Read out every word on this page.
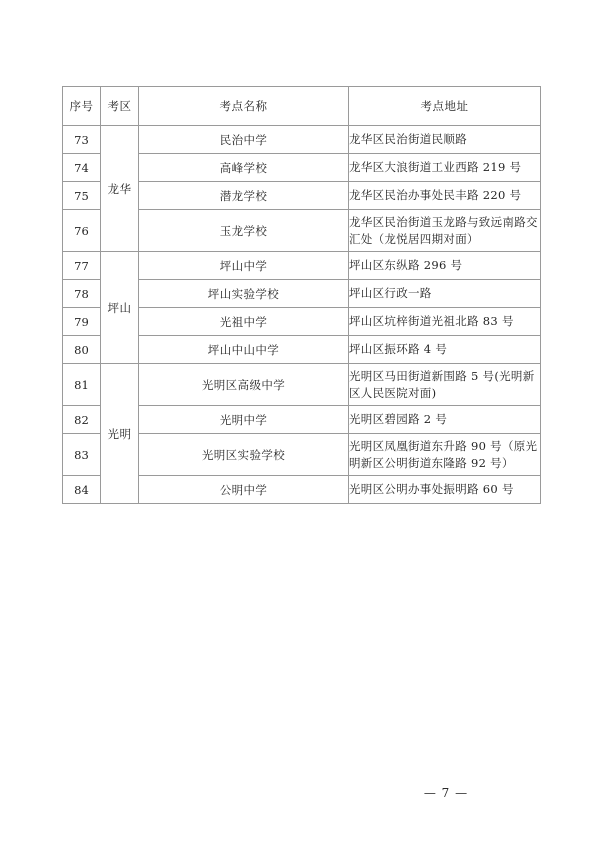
序号	考区	考点名称	考点地址
73	龙华	民治中学	龙华区民治街道民顺路
74		高峰学校	龙华区大浪街道工业西路 219 号
75		潜龙学校	龙华区民治办事处民丰路 220 号
76		玉龙学校	龙华区民治街道玉龙路与致远南路交汇处（龙悦居四期对面）
77	坪山	坪山中学	坪山区东纵路 296 号
78		坪山实验学校	坪山区行政一路
79		光祖中学	坪山区坑梓街道光祖北路 83 号
80		坪山中山中学	坪山区振环路 4 号
81	光明	光明区高级中学	光明区马田街道新围路 5 号(光明新区人民医院对面)
82		光明中学	光明区碧园路 2 号
83		光明区实验学校	光明区凤凰街道东升路 90 号（原光明新区公明街道东隆路 92 号）
84		公明中学	光明区公明办事处振明路 60 号
— 7 —
